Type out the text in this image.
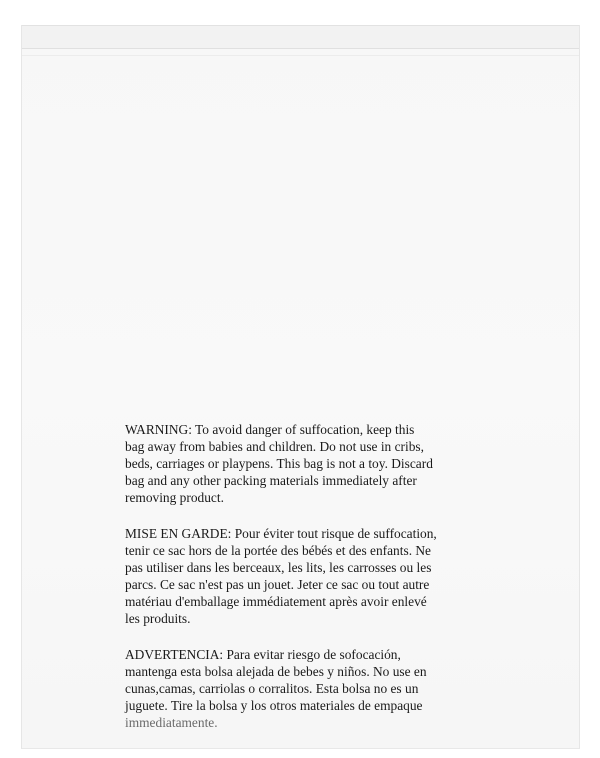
WARNING: To avoid danger of suffocation, keep this
bag away from babies and children. Do not use in cribs,
beds, carriages or playpens. This bag is not a toy. Discard
bag and any other packing materials immediately after
removing product.
MISE EN GARDE: Pour éviter tout risque de suffocation,
tenir ce sac hors de la portée des bébés et des enfants. Ne
pas utiliser dans les berceaux, les lits, les carrosses ou les
parcs. Ce sac n'est pas un jouet. Jeter ce sac ou tout autre
matériau d'emballage immédiatement après avoir enlevé
les produits.
ADVERTENCIA: Para evitar riesgo de sofocación,
mantenga esta bolsa alejada de bebes y niños. No use en
cunas,camas, carriolas o corralitos. Esta bolsa no es un
juguete. Tire la bolsa y los otros materiales de empaque
immediatamente.
